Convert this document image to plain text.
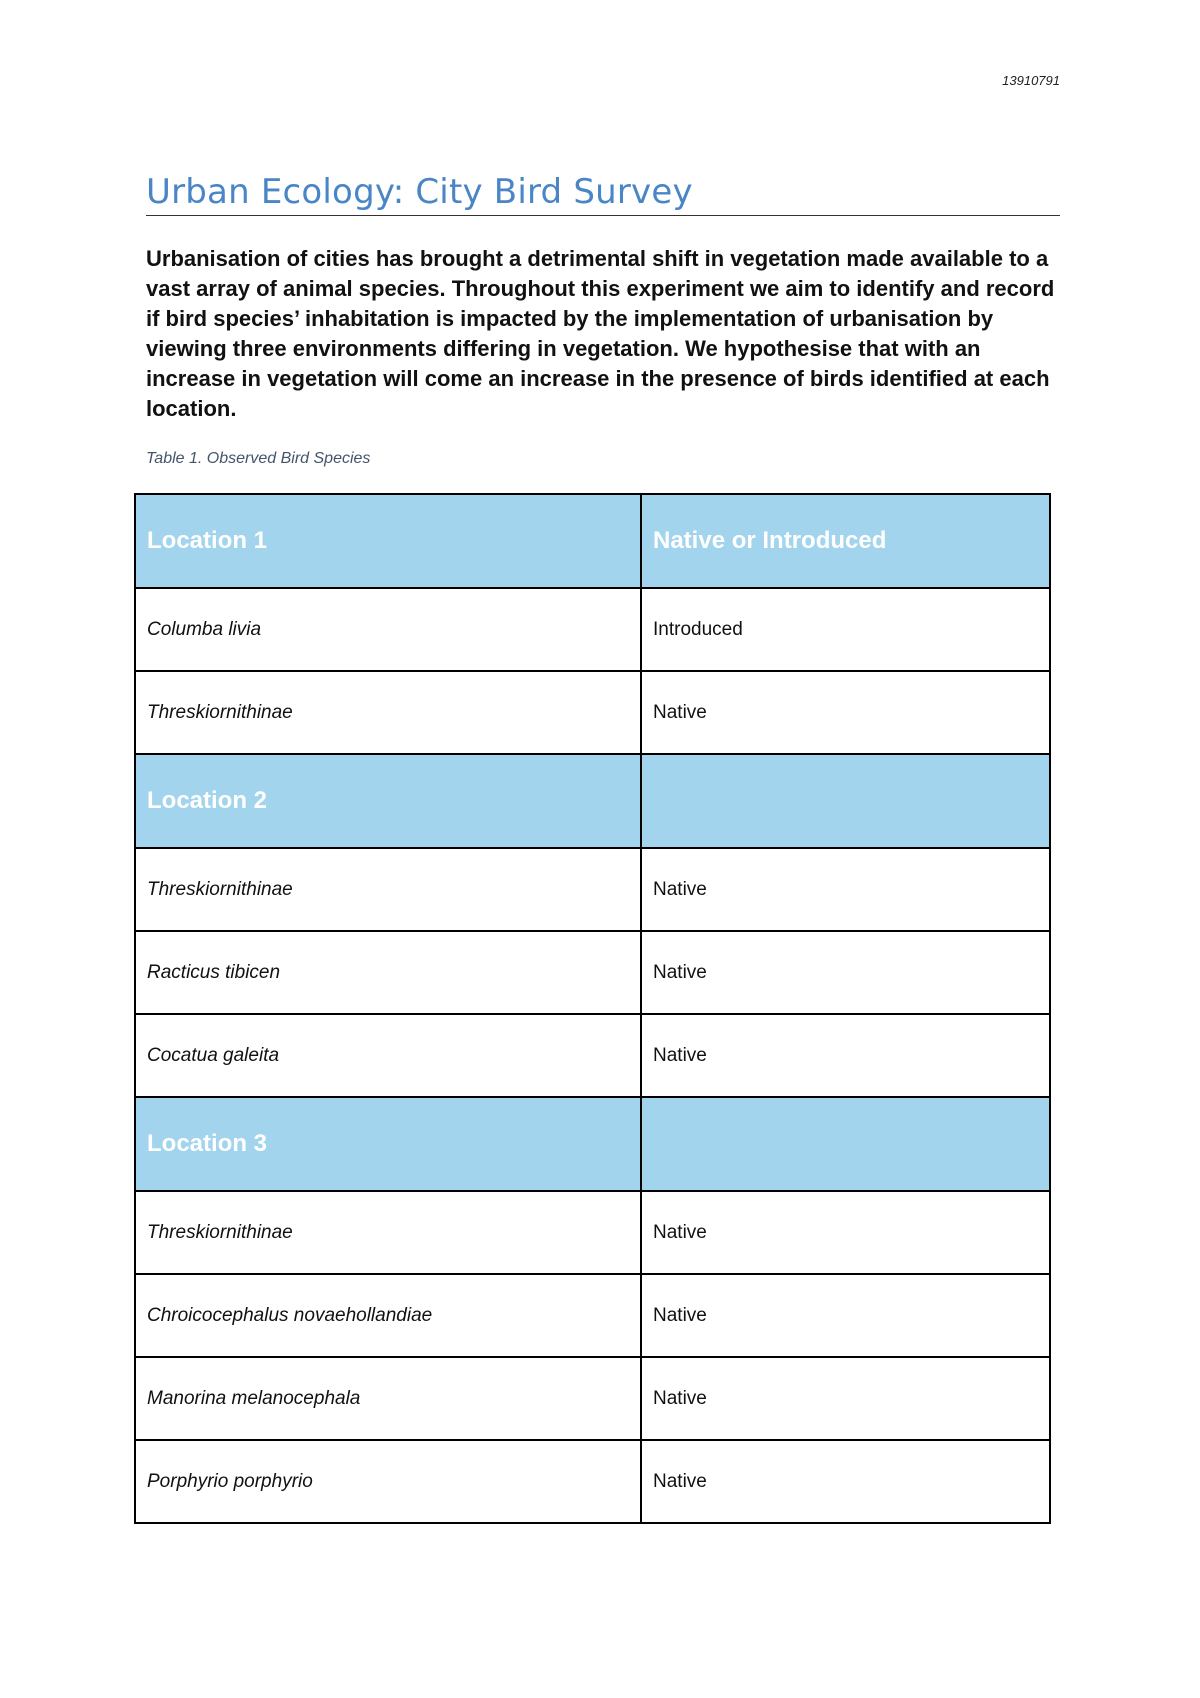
13910791
Urban Ecology: City Bird Survey

Urbanisation of cities has brought a detrimental shift in vegetation made available to a vast array of animal species. Throughout this experiment we aim to identify and record if bird species’ inhabitation is impacted by the implementation of urbanisation by viewing three environments differing in vegetation. We hypothesise that with an increase in vegetation will come an increase in the presence of birds identified at each location.

Table 1. Observed Bird Species
Location 1	Native or Introduced
Columba livia	Introduced
Threskiornithinae	Native
Location 2	
Threskiornithinae	Native
Racticus tibicen	Native
Cocatua galeita	Native
Location 3	
Threskiornithinae	Native
Chroicocephalus novaehollandiae	Native
Manorina melanocephala	Native
Porphyrio porphyrio	Native
